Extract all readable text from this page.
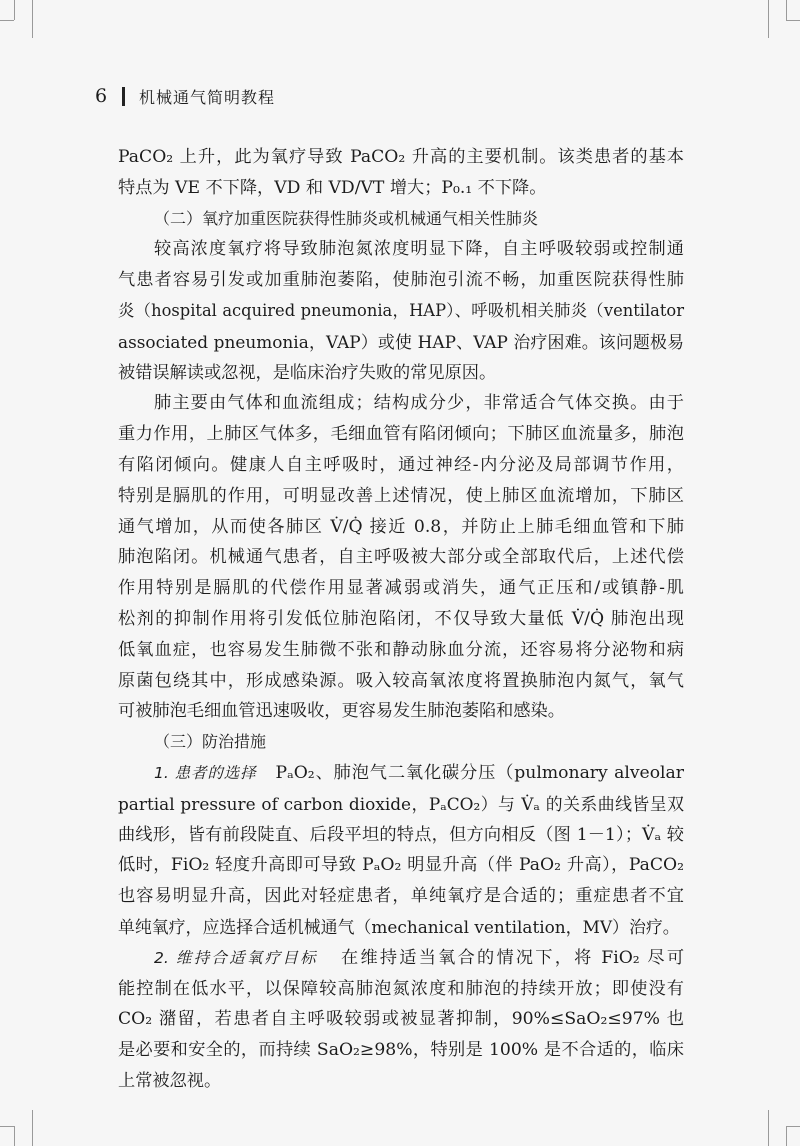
6 机械通气简明教程
PaCO₂ 上升，此为氧疗导致 PaCO₂ 升高的主要机制。该类患者的基本
特点为 VE 不下降，VD 和 VD/VT 增大；P₀.₁ 不下降。
（二）氧疗加重医院获得性肺炎或机械通气相关性肺炎
较高浓度氧疗将导致肺泡氮浓度明显下降，自主呼吸较弱或控制通
气患者容易引发或加重肺泡萎陷，使肺泡引流不畅，加重医院获得性肺
炎（hospital acquired pneumonia，HAP）、呼吸机相关肺炎（ventilator
associated pneumonia，VAP）或使 HAP、VAP 治疗困难。该问题极易
被错误解读或忽视，是临床治疗失败的常见原因。
肺主要由气体和血流组成；结构成分少，非常适合气体交换。由于
重力作用，上肺区气体多，毛细血管有陷闭倾向；下肺区血流量多，肺泡
有陷闭倾向。健康人自主呼吸时，通过神经-内分泌及局部调节作用，
特别是膈肌的作用，可明显改善上述情况，使上肺区血流增加，下肺区
通气增加，从而使各肺区 V̇/Q̇ 接近 0.8，并防止上肺毛细血管和下肺
肺泡陷闭。机械通气患者，自主呼吸被大部分或全部取代后，上述代偿
作用特别是膈肌的代偿作用显著减弱或消失，通气正压和/或镇静-肌
松剂的抑制作用将引发低位肺泡陷闭，不仅导致大量低 V̇/Q̇ 肺泡出现
低氧血症，也容易发生肺微不张和静动脉血分流，还容易将分泌物和病
原菌包绕其中，形成感染源。吸入较高氧浓度将置换肺泡内氮气，氧气
可被肺泡毛细血管迅速吸收，更容易发生肺泡萎陷和感染。
（三）防治措施
1. 患者的选择 PₐO₂、肺泡气二氧化碳分压（pulmonary alveolar
partial pressure of carbon dioxide，PₐCO₂）与 V̇ₐ 的关系曲线皆呈双
曲线形，皆有前段陡直、后段平坦的特点，但方向相反（图 1－1）；V̇ₐ 较
低时，FiO₂ 轻度升高即可导致 PₐO₂ 明显升高（伴 PaO₂ 升高），PaCO₂
也容易明显升高，因此对轻症患者，单纯氧疗是合适的；重症患者不宜
单纯氧疗，应选择合适机械通气（mechanical ventilation，MV）治疗。
2. 维持合适氧疗目标 在维持适当氧合的情况下，将 FiO₂ 尽可
能控制在低水平，以保障较高肺泡氮浓度和肺泡的持续开放；即使没有
CO₂ 潴留，若患者自主呼吸较弱或被显著抑制，90%≤SaO₂≤97% 也
是必要和安全的，而持续 SaO₂≥98%，特别是 100% 是不合适的，临床
上常被忽视。
